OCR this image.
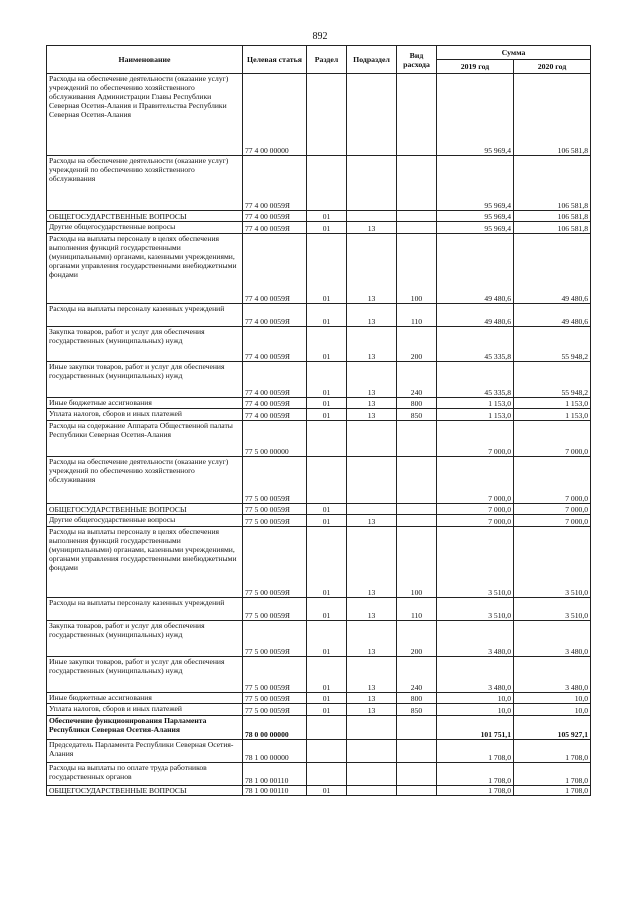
892
Наименование	Целевая статья	Раздел	Подраздел	Вид расхода	Сумма	
					2019 год	2020 год
Расходы на обеспечение деятельности (оказание услуг) учреждений по обеспечению хозяйственного обслуживания Администрации Главы Республики Северная Осетия-Алания и Правительства Республики Северная Осетия-Алания	77 4 00 00000				95 969,4	106 581,8
Расходы на обеспечение деятельности (оказание услуг) учреждений по обеспечению хозяйственного обслуживания	77 4 00 0059Я				95 969,4	106 581,8
ОБЩЕГОСУДАРСТВЕННЫЕ ВОПРОСЫ	77 4 00 0059Я	01			95 969,4	106 581,8
Другие общегосударственные вопросы	77 4 00 0059Я	01	13		95 969,4	106 581,8
Расходы на выплаты персоналу в целях обеспечения выполнения функций государственными (муниципальными) органами, казенными учреждениями, органами управления государственными внебюджетными фондами	77 4 00 0059Я	01	13	100	49 480,6	49 480,6
Расходы на выплаты персоналу казенных учреждений	77 4 00 0059Я	01	13	110	49 480,6	49 480,6
Закупка товаров, работ и услуг для обеспечения государственных (муниципальных) нужд	77 4 00 0059Я	01	13	200	45 335,8	55 948,2
Иные закупки товаров, работ и услуг для обеспечения государственных (муниципальных) нужд	77 4 00 0059Я	01	13	240	45 335,8	55 948,2
Иные бюджетные ассигнования	77 4 00 0059Я	01	13	800	1 153,0	1 153,0
Уплата налогов, сборов и иных платежей	77 4 00 0059Я	01	13	850	1 153,0	1 153,0
Расходы на содержание Аппарата Общественной палаты Республики Северная Осетия-Алания	77 5 00 00000				7 000,0	7 000,0
Расходы на обеспечение деятельности (оказание услуг) учреждений по обеспечению хозяйственного обслуживания	77 5 00 0059Я				7 000,0	7 000,0
ОБЩЕГОСУДАРСТВЕННЫЕ ВОПРОСЫ	77 5 00 0059Я	01			7 000,0	7 000,0
Другие общегосударственные вопросы	77 5 00 0059Я	01	13		7 000,0	7 000,0
Расходы на выплаты персоналу в целях обеспечения выполнения функций государственными (муниципальными) органами, казенными учреждениями, органами управления государственными внебюджетными фондами	77 5 00 0059Я	01	13	100	3 510,0	3 510,0
Расходы на выплаты персоналу казенных учреждений	77 5 00 0059Я	01	13	110	3 510,0	3 510,0
Закупка товаров, работ и услуг для обеспечения государственных (муниципальных) нужд	77 5 00 0059Я	01	13	200	3 480,0	3 480,0
Иные закупки товаров, работ и услуг для обеспечения государственных (муниципальных) нужд	77 5 00 0059Я	01	13	240	3 480,0	3 480,0
Иные бюджетные ассигнования	77 5 00 0059Я	01	13	800	10,0	10,0
Уплата налогов, сборов и иных платежей	77 5 00 0059Я	01	13	850	10,0	10,0
Обеспечение функционирования Парламента Республики Северная Осетия-Алания	78 0 00 00000				101 751,1	105 927,1
Председатель Парламента Республики Северная Осетия-Алания	78 1 00 00000				1 708,0	1 708,0
Расходы на выплаты по оплате труда работников государственных органов	78 1 00 00110				1 708,0	1 708,0
ОБЩЕГОСУДАРСТВЕННЫЕ ВОПРОСЫ	78 1 00 00110	01			1 708,0	1 708,0
